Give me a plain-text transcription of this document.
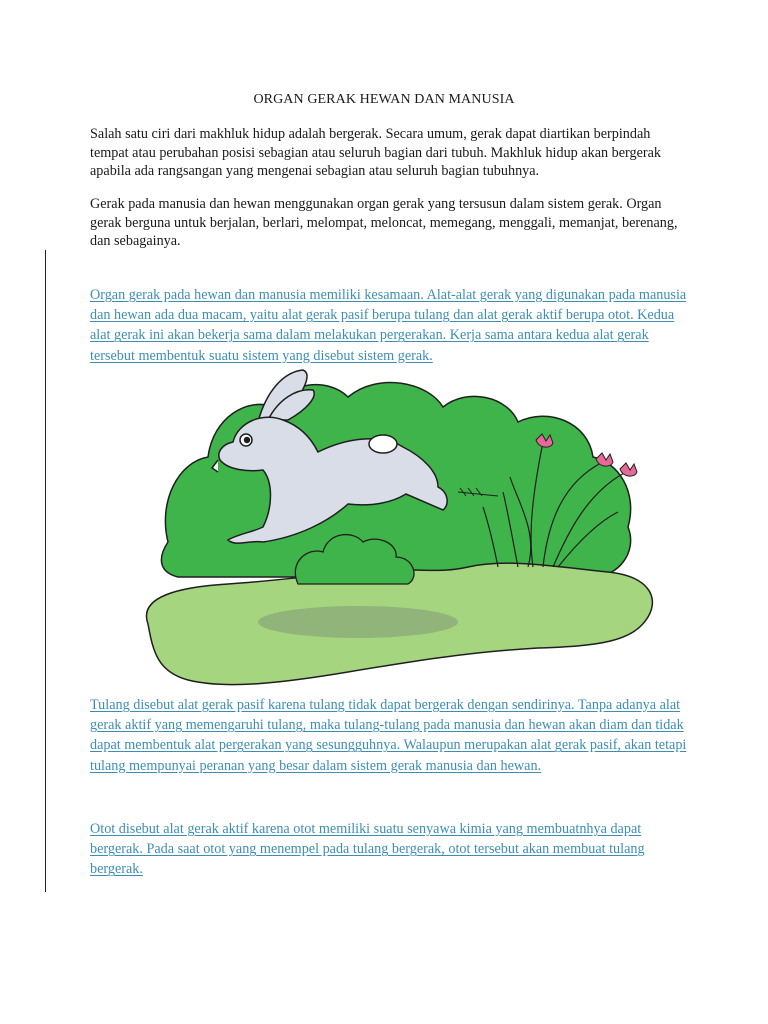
ORGAN GERAK HEWAN DAN MANUSIA
Salah satu ciri dari makhluk hidup adalah bergerak. Secara umum, gerak dapat diartikan berpindah tempat atau perubahan posisi sebagian atau seluruh bagian dari tubuh. Makhluk hidup akan bergerak apabila ada rangsangan yang mengenai sebagian atau seluruh bagian tubuhnya.
Gerak pada manusia dan hewan menggunakan organ gerak yang tersusun dalam sistem gerak. Organ gerak berguna untuk berjalan, berlari, melompat, meloncat, memegang, menggali, memanjat, berenang, dan sebagainya.
Organ gerak pada hewan dan manusia memiliki kesamaan. Alat-alat gerak yang digunakan pada manusia dan hewan ada dua macam, yaitu alat gerak pasif berupa tulang dan alat gerak aktif berupa otot. Kedua alat gerak ini akan bekerja sama dalam melakukan pergerakan. Kerja sama antara kedua alat gerak tersebut membentuk suatu sistem yang disebut sistem gerak.
Tulang disebut alat gerak pasif karena tulang tidak dapat bergerak dengan sendirinya. Tanpa adanya alat gerak aktif yang memengaruhi tulang, maka tulang-tulang pada manusia dan hewan akan diam dan tidak dapat membentuk alat pergerakan yang sesungguhnya. Walaupun merupakan alat gerak pasif, akan tetapi tulang mempunyai peranan yang besar dalam sistem gerak manusia dan hewan.
Otot disebut alat gerak aktif karena otot memiliki suatu senyawa kimia yang membuatnhya dapat bergerak. Pada saat otot yang menempel pada tulang bergerak, otot tersebut akan membuat tulang bergerak.
